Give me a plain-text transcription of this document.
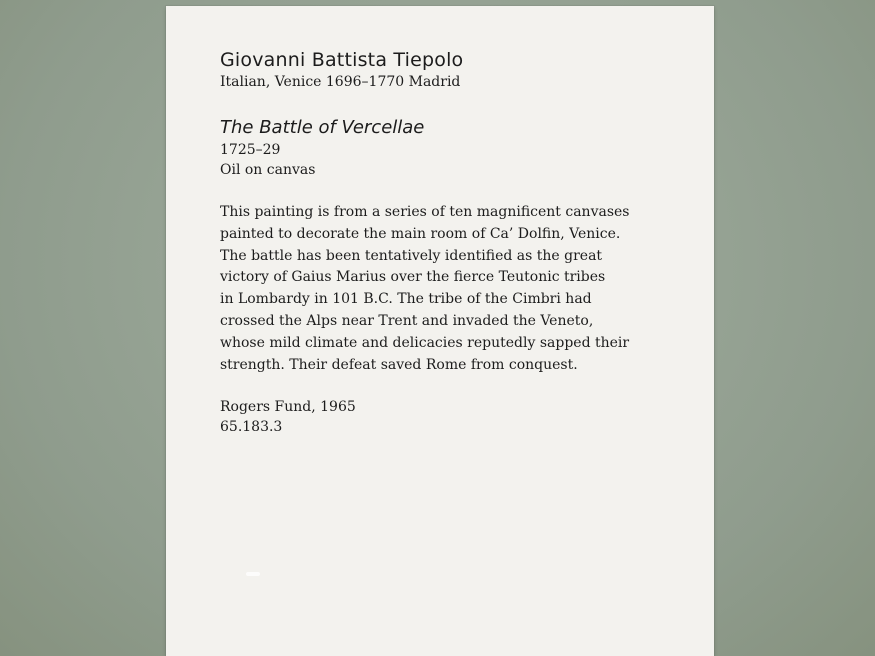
Giovanni Battista Tiepolo

Italian, Venice 1696–1770 Madrid

The Battle of Vercellae

1725–29

Oil on canvas

This painting is from a series of ten magnificent canvases
painted to decorate the main room of Ca’ Dolfin, Venice.
The battle has been tentatively identified as the great
victory of Gaius Marius over the fierce Teutonic tribes
in Lombardy in 101 B.C. The tribe of the Cimbri had
crossed the Alps near Trent and invaded the Veneto,
whose mild climate and delicacies reputedly sapped their
strength. Their defeat saved Rome from conquest.

Rogers Fund, 1965

65.183.3
